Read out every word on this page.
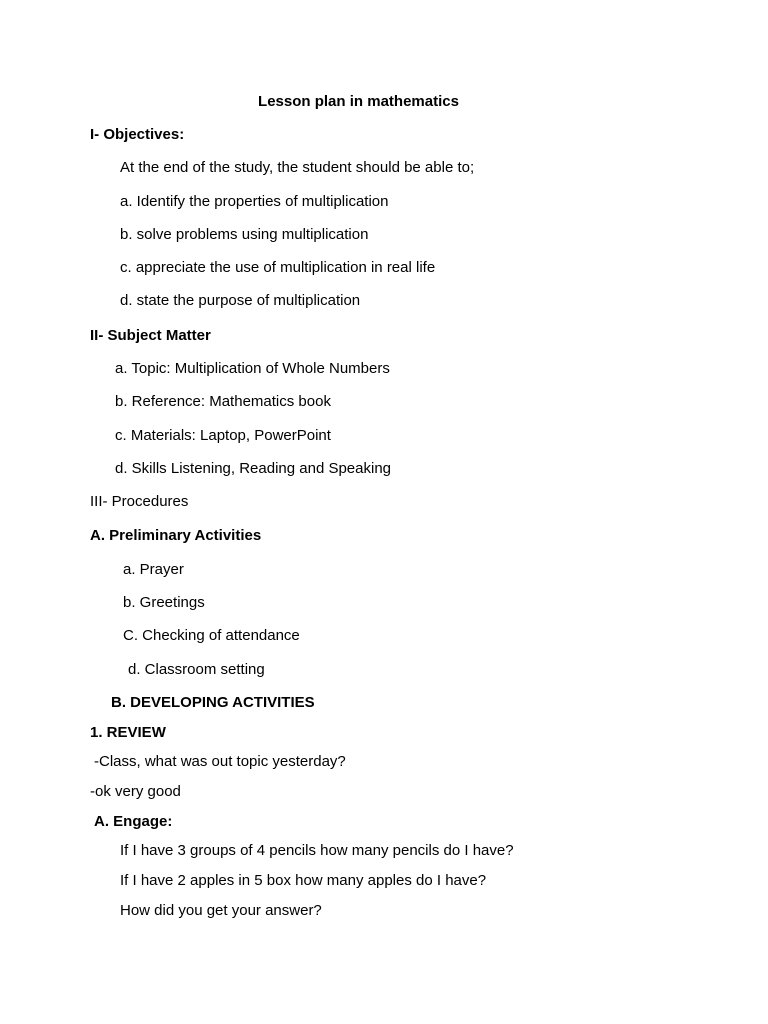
Lesson plan in mathematics
I- Objectives:
At the end of the study, the student should be able to;
a. Identify the properties of multiplication
b. solve problems using multiplication
c. appreciate the use of multiplication in real life
d. state the purpose of multiplication
II- Subject Matter
a. Topic: Multiplication of Whole Numbers
b. Reference: Mathematics book
c. Materials: Laptop, PowerPoint
d. Skills Listening, Reading and Speaking
III- Procedures
A. Preliminary Activities
a. Prayer
b. Greetings
C. Checking of attendance
d. Classroom setting
B. DEVELOPING ACTIVITIES
1. REVIEW
-Class, what was out topic yesterday?
-ok very good
A. Engage:
If I have 3 groups of 4 pencils how many pencils do I have?
If I have 2 apples in 5 box how many apples do I have?
How did you get your answer?
